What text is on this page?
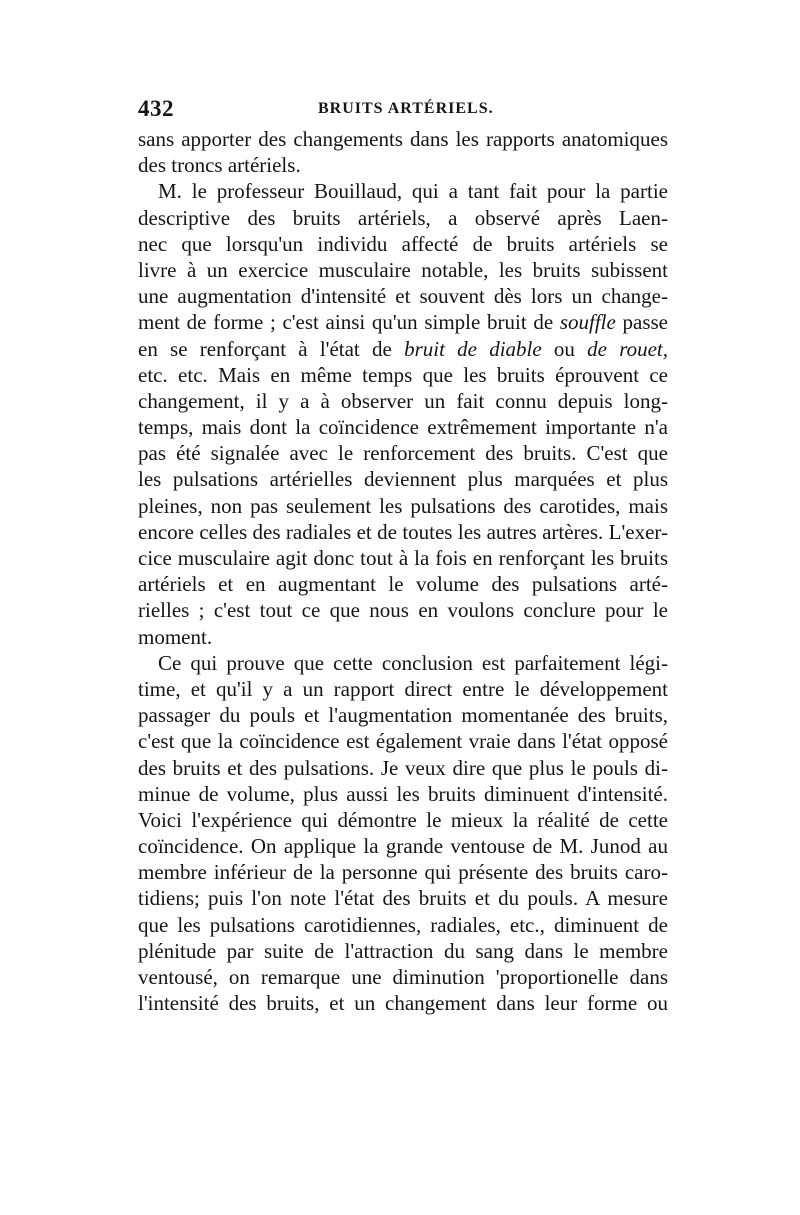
432	BRUITS ARTÉRIELS.
sans apporter des changements dans les rapports anatomiques
des troncs artériels.
M. le professeur Bouillaud, qui a tant fait pour la partie
descriptive des bruits artériels, a observé après Laen-
nec que lorsqu'un individu affecté de bruits artériels se
livre à un exercice musculaire notable, les bruits subissent
une augmentation d'intensité et souvent dès lors un change-
ment de forme ; c'est ainsi qu'un simple bruit de souffle passe
en se renforçant à l'état de bruit de diable ou de rouet,
etc. etc. Mais en même temps que les bruits éprouvent ce
changement, il y a à observer un fait connu depuis long-
temps, mais dont la coïncidence extrêmement importante n'a
pas été signalée avec le renforcement des bruits. C'est que
les pulsations artérielles deviennent plus marquées et plus
pleines, non pas seulement les pulsations des carotides, mais
encore celles des radiales et de toutes les autres artères. L'exer-
cice musculaire agit donc tout à la fois en renforçant les bruits
artériels et en augmentant le volume des pulsations arté-
rielles ; c'est tout ce que nous en voulons conclure pour le
moment.
Ce qui prouve que cette conclusion est parfaitement légi-
time, et qu'il y a un rapport direct entre le développement
passager du pouls et l'augmentation momentanée des bruits,
c'est que la coïncidence est également vraie dans l'état opposé
des bruits et des pulsations. Je veux dire que plus le pouls di-
minue de volume, plus aussi les bruits diminuent d'intensité.
Voici l'expérience qui démontre le mieux la réalité de cette
coïncidence. On applique la grande ventouse de M. Junod au
membre inférieur de la personne qui présente des bruits caro-
tidiens; puis l'on note l'état des bruits et du pouls. A mesure
que les pulsations carotidiennes, radiales, etc., diminuent de
plénitude par suite de l'attraction du sang dans le membre
ventousé, on remarque une diminution 'proportionelle dans
l'intensité des bruits, et un changement dans leur forme ou
